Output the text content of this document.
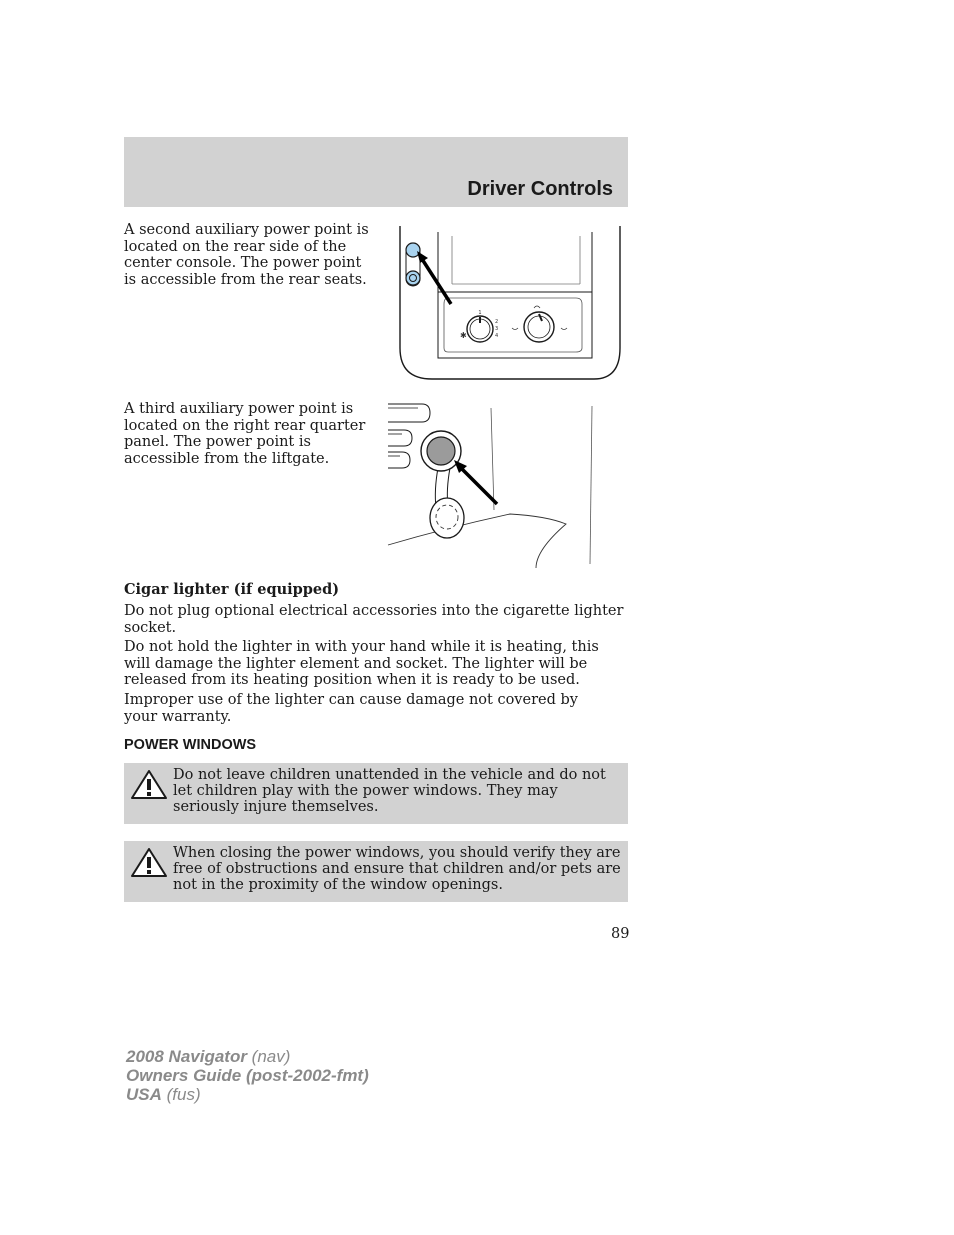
Driver Controls

A second auxiliary power point is located on the rear side of the center console. The power point is accessible from the rear seats.

1
2
3
4
✱

A third auxiliary power point is located on the right rear quarter panel. The power point is accessible from the liftgate.

Cigar lighter (if equipped)

Do not plug optional electrical accessories into the cigarette lighter socket.

Do not hold the lighter in with your hand while it is heating, this will damage the lighter element and socket. The lighter will be released from its heating position when it is ready to be used.

Improper use of the lighter can cause damage not covered by your warranty.

POWER WINDOWS

Do not leave children unattended in the vehicle and do not let children play with the power windows. They may seriously injure themselves.

When closing the power windows, you should verify they are free of obstructions and ensure that children and/or pets are not in the proximity of the window openings.

89
2008 Navigator (nav)
Owners Guide (post-2002-fmt)
USA (fus)
